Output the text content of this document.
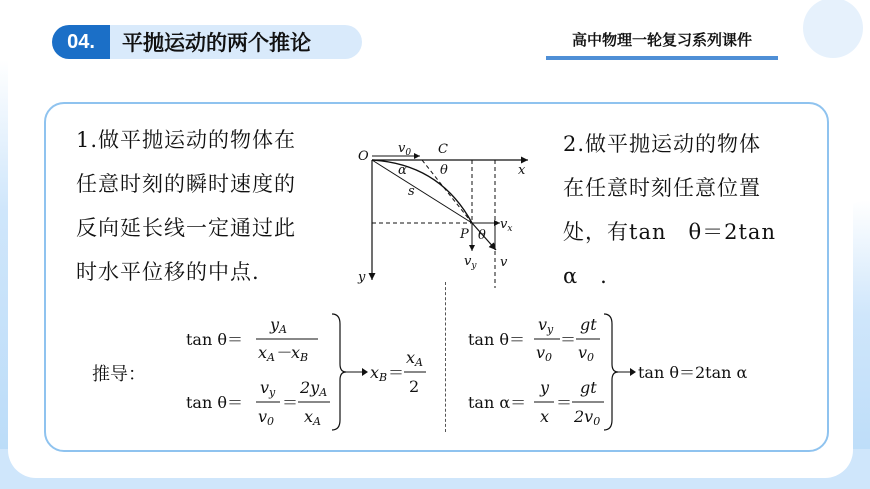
04.	平抛运动的两个推论	高中物理一轮复习系列课件
1.做平抛运动的物体在
任意时刻的瞬时速度的
反向延长线一定通过此
时水平位移的中点.
2.做平抛运动的物体
在任意时刻任意位置
处，有tan　θ＝2tan
α　.
O
$v_0$ C
θ
α
s
x
P θ
$v_x$
$v_y$ v
y
推导：
tan θ＝
yA
xA－xB
tan θ＝
vy
v0
＝
2yA
xA
xB ＝
xA
2
tan θ＝
vy
v0
＝
gt
v0
tan α＝
y
x
＝
gt
2v0
tan θ＝2tan α
